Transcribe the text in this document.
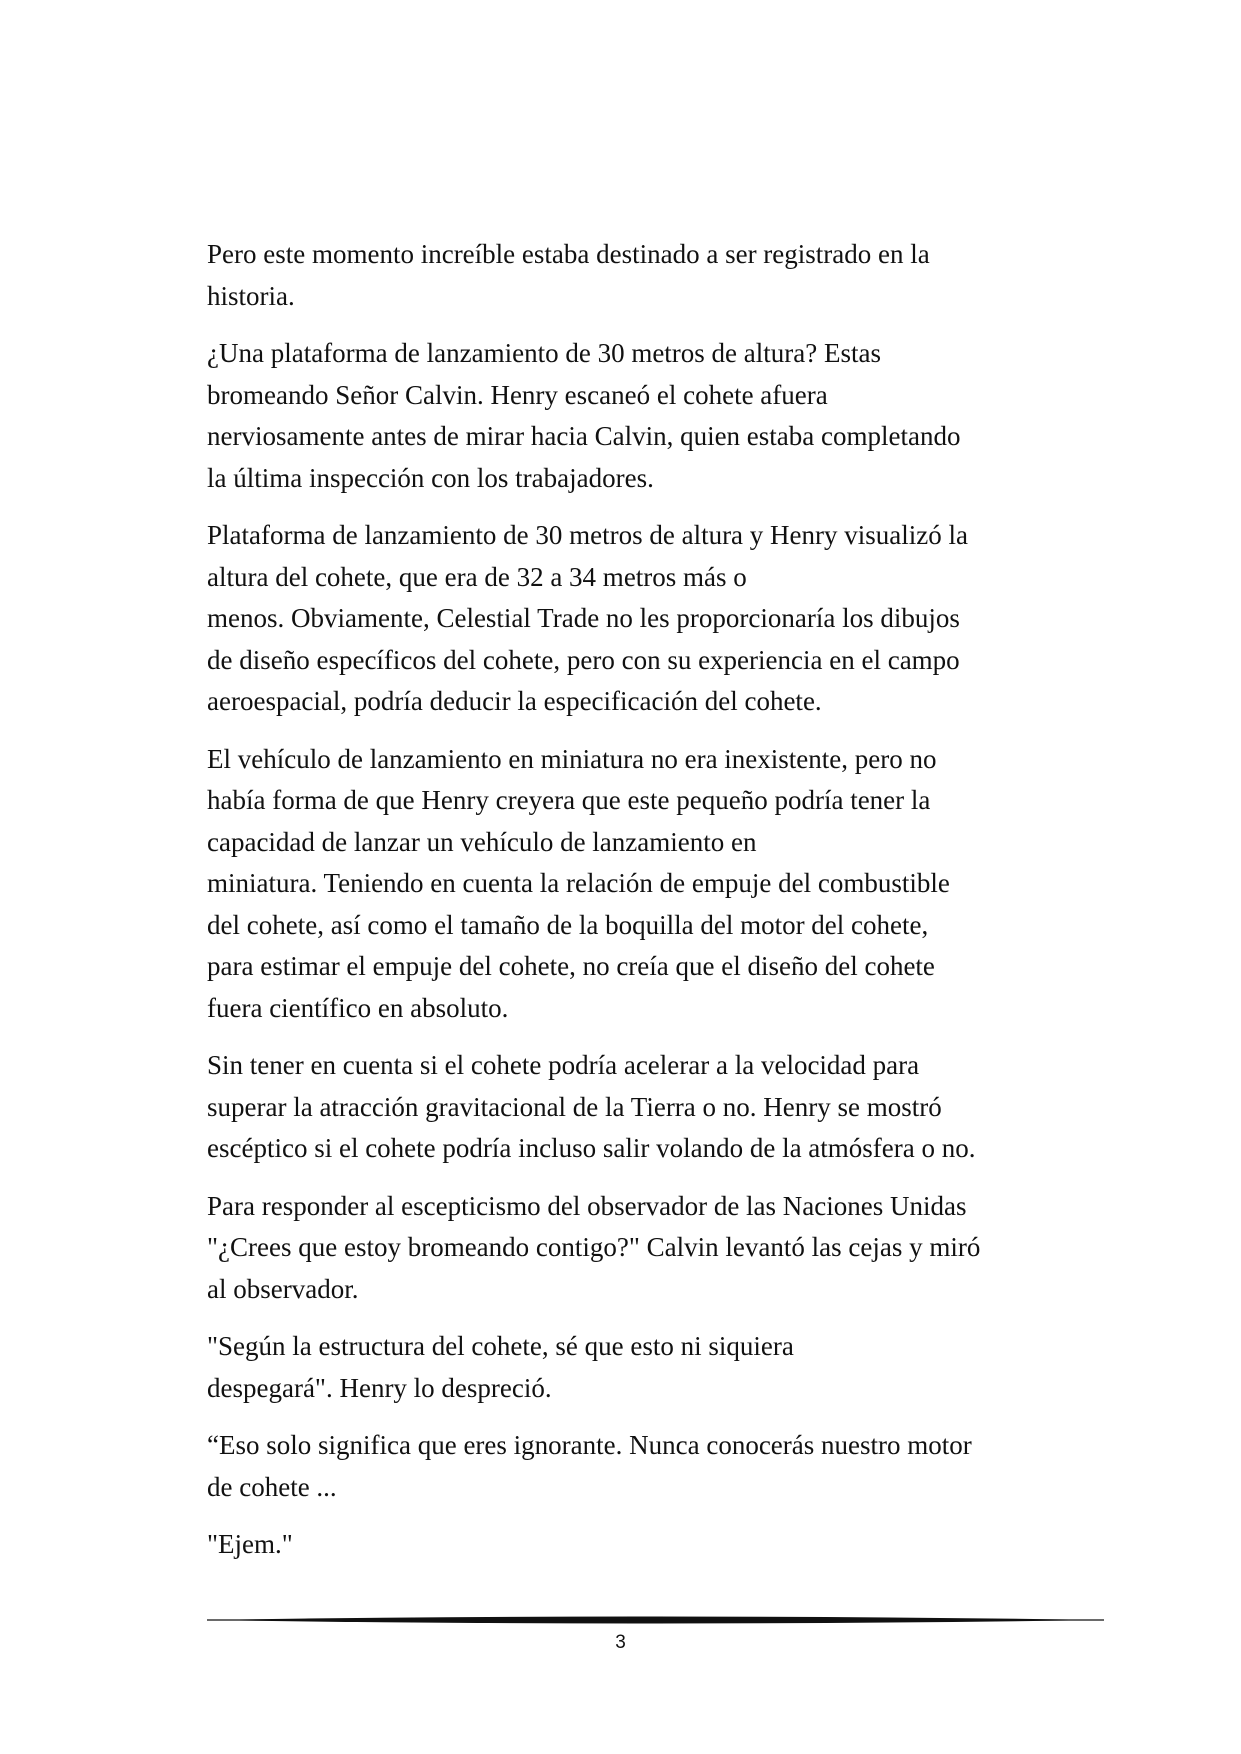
Pero este momento increíble estaba destinado a ser registrado en la
historia.

¿Una plataforma de lanzamiento de 30 metros de altura? Estas
bromeando Señor Calvin. Henry escaneó el cohete afuera
nerviosamente antes de mirar hacia Calvin, quien estaba completando
la última inspección con los trabajadores.

Plataforma de lanzamiento de 30 metros de altura y Henry visualizó la
altura del cohete, que era de 32 a 34 metros más o
menos. Obviamente, Celestial Trade no les proporcionaría los dibujos
de diseño específicos del cohete, pero con su experiencia en el campo
aeroespacial, podría deducir la especificación del cohete.

El vehículo de lanzamiento en miniatura no era inexistente, pero no
había forma de que Henry creyera que este pequeño podría tener la
capacidad de lanzar un vehículo de lanzamiento en
miniatura. Teniendo en cuenta la relación de empuje del combustible
del cohete, así como el tamaño de la boquilla del motor del cohete,
para estimar el empuje del cohete, no creía que el diseño del cohete
fuera científico en absoluto.

Sin tener en cuenta si el cohete podría acelerar a la velocidad para
superar la atracción gravitacional de la Tierra o no. Henry se mostró
escéptico si el cohete podría incluso salir volando de la atmósfera o no.

Para responder al escepticismo del observador de las Naciones Unidas
"¿Crees que estoy bromeando contigo?" Calvin levantó las cejas y miró
al observador.

"Según la estructura del cohete, sé que esto ni siquiera
despegará". Henry lo despreció.

“Eso solo significa que eres ignorante. Nunca conocerás nuestro motor
de cohete ...

"Ejem."

3
